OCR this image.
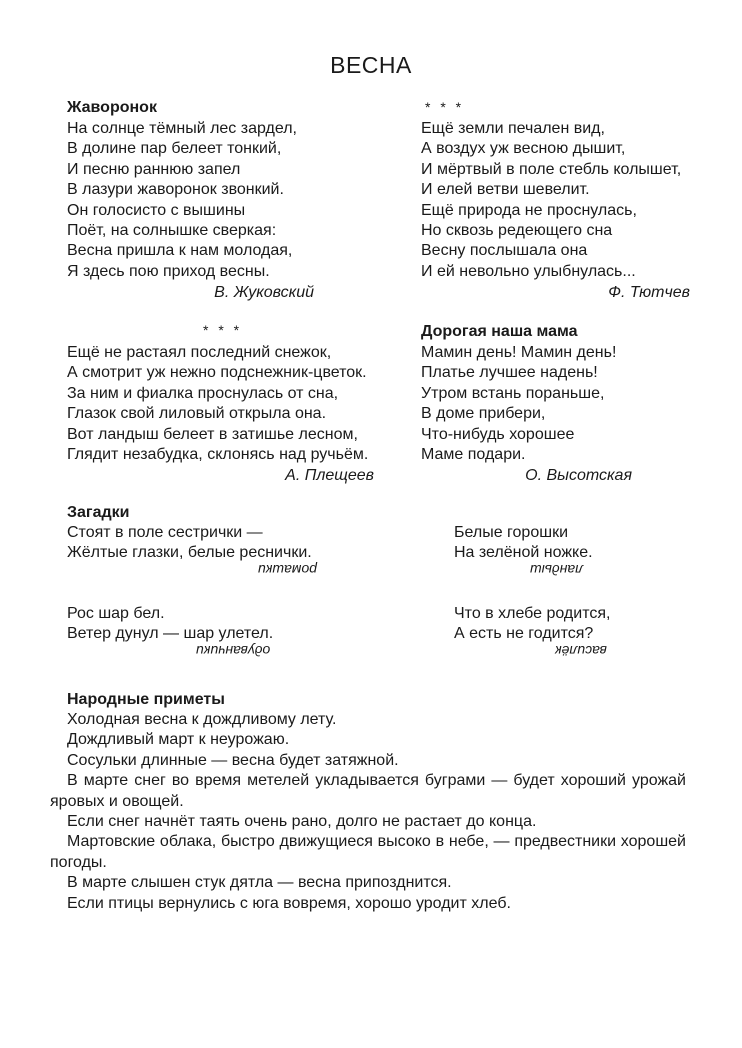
ВЕСНА
Жаворонок
На солнце тёмный лес зардел,
В долине пар белеет тонкий,
И песню раннюю запел
В лазури жаворонок звонкий.
Он голосисто с вышины
Поёт, на солнышке сверкая:
Весна пришла к нам молодая,
Я здесь пою приход весны.
В. Жуковский
* * *
Ещё земли печален вид,
А воздух уж весною дышит,
И мёртвый в поле стебль колышет,
И елей ветви шевелит.
Ещё природа не проснулась,
Но сквозь редеющего сна
Весну послышала она
И ей невольно улыбнулась...
Ф. Тютчев
* * *
Ещё не растаял последний снежок,
А смотрит уж нежно подснежник-цветок.
За ним и фиалка проснулась от сна,
Глазок свой лиловый открыла она.
Вот ландыш белеет в затишье лесном,
Глядит незабудка, склонясь над ручьём.
А. Плещеев
Дорогая наша мама
Мамин день! Мамин день!
Платье лучшее надень!
Утром встань пораньше,
В доме прибери,
Что-нибудь хорошее
Маме подари.
О. Высотская
Загадки
Стоят в поле сестрички —
Жёлтые глазки, белые реснички.
ромашки
Белые горошки
На зелёной ножке.
ландыш
Рос шар бел.
Ветер дунул — шар улетел.
одуванчики
Что в хлебе родится,
А есть не годится?
василёк
Народные приметы
Холодная весна к дождливому лету.
Дождливый март к неурожаю.
Сосульки длинные — весна будет затяжной.
В марте снег во время метелей укладывается буграми — будет хороший урожай яровых и овощей.
Если снег начнёт таять очень рано, долго не растает до конца.
Мартовские облака, быстро движущиеся высоко в небе, — предвестники хорошей погоды.
В марте слышен стук дятла — весна припозднится.
Если птицы вернулись с юга вовремя, хорошо уродит хлеб.
